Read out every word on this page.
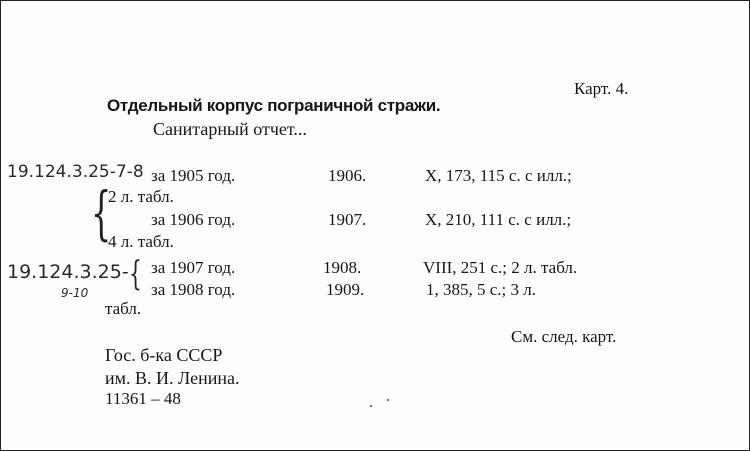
Карт. 4.
Отдельный корпус пограничной стражи.
Санитарный отчет...
19.124.3.25-7-8 за 1905 год.	1906.	X, 173, 115 с. с илл.;
{
2 л. табл.
за 1906 год.	1907.	X, 210, 111 с. с илл.;
4 л. табл.
19.124.3.25-
9-10 { за 1907 год.	1908.	VIII, 251 с.; 2 л. табл.
за 1908 год.	1909.	1, 385, 5 с.; 3 л.
табл.
См. след. карт.
Гос. б-ка СССР
им. В. И. Ленина.
11361 – 48
